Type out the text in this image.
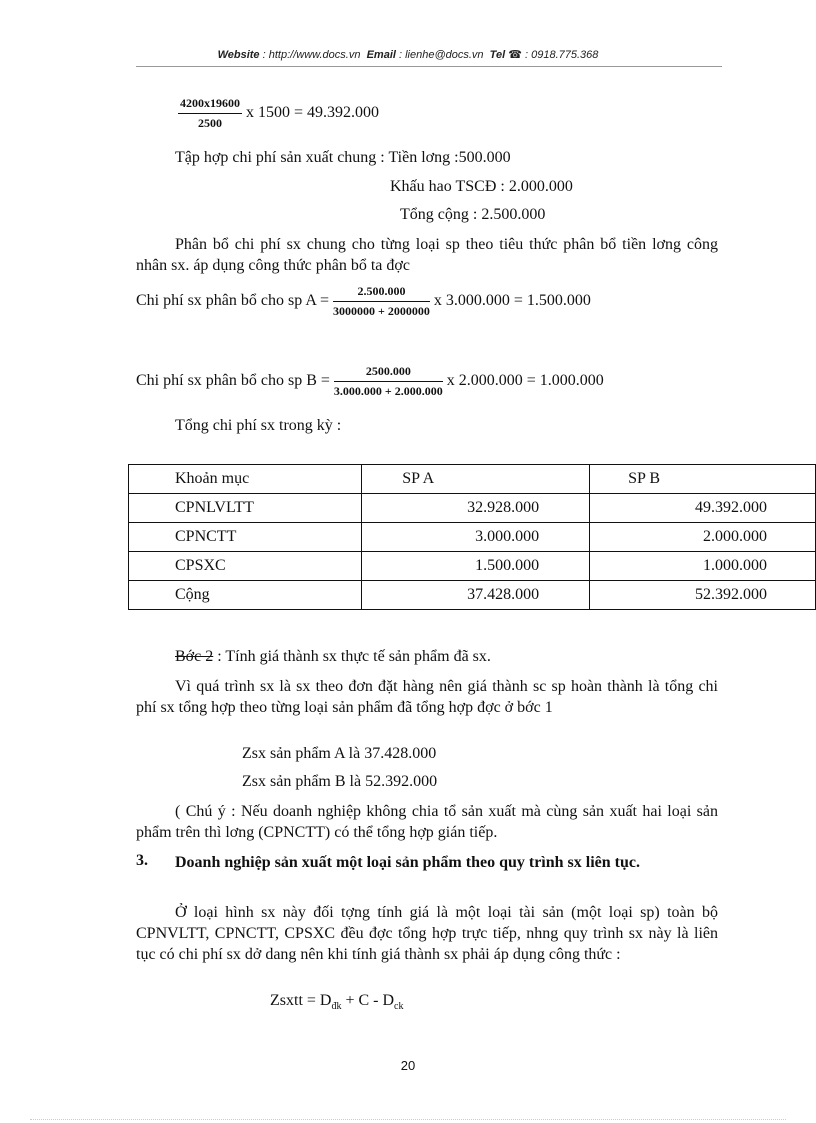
Website : http://www.docs.vn Email : lienhe@docs.vn Tel ☎ : 0918.775.368
$\frac{4200x19600}{2500}$ x 1500 = 49.392.000
Tập hợp chi phí sản xuất chung : Tiền lơng :500.000
Khấu hao TSCĐ : 2.000.000
Tổng cộng : 2.500.000
Phân bổ chi phí sx chung cho từng loại sp theo tiêu thức phân bổ tiền lơng công nhân sx. áp dụng công thức phân bổ ta đợc
Chi phí sx phân bổ cho sp $A = \frac{2.500.000}{3000000 + 2000000}$ x 3.000.000 = 1.500.000
Chi phí sx phân bổ cho sp $B = \frac{2500.000}{3.000.000 + 2.000.000}$ x 2.000.000 = 1.000.000
Tổng chi phí sx trong kỳ :
Khoản mục	SP A	SP B
CPNLVLTT	32.928.000	49.392.000
CPNCTT	3.000.000	2.000.000
CPSXC	1.500.000	1.000.000
Cộng	37.428.000	52.392.000
Bớc 2 : Tính giá thành sx thực tế sản phẩm đã sx.
Vì quá trình sx là sx theo đơn đặt hàng nên giá thành sc sp hoàn thành là tổng chi phí sx tổng hợp theo từng loại sản phẩm đã tổng hợp đợc ở bớc 1
Zsx sản phẩm A là 37.428.000
Zsx sản phẩm B là 52.392.000
( Chú ý : Nếu doanh nghiệp không chia tổ sản xuất mà cùng sản xuất hai loại sản phẩm trên thì lơng (CPNCTT) có thể tổng hợp gián tiếp.
3. Doanh nghiệp sản xuất một loại sản phẩm theo quy trình sx liên tục.
Ở loại hình sx này đối tợng tính giá là một loại tài sản (một loại sp) toàn bộ CPNVLTT, CPNCTT, CPSXC đều đợc tổng hợp trực tiếp, nhng quy trình sx này là liên tục có chi phí sx dở dang nên khi tính giá thành sx phải áp dụng công thức :
Zsxtt = $D_{đk} + C - D_{ck}$
20
